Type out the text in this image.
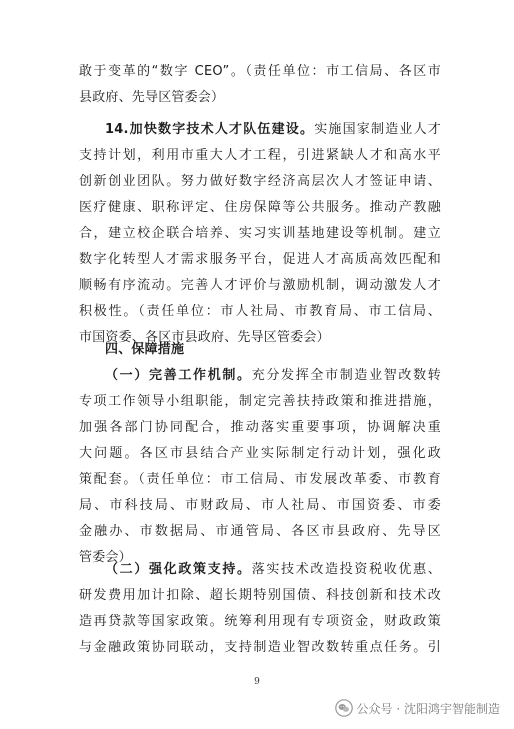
敢于变革的“数字 CEO”。（责任单位：市工信局、各区市
县政府、先导区管委会）
14.加快数字技术人才队伍建设。实施国家制造业人才
支持计划，利用市重大人才工程，引进紧缺人才和高水平
创新创业团队。努力做好数字经济高层次人才签证申请、
医疗健康、职称评定、住房保障等公共服务。推动产教融
合，建立校企联合培养、实习实训基地建设等机制。建立
数字化转型人才需求服务平台，促进人才高质高效匹配和
顺畅有序流动。完善人才评价与激励机制，调动激发人才
积极性。（责任单位：市人社局、市教育局、市工信局、
市国资委、各区市县政府、先导区管委会）
四、保障措施
（一）完善工作机制。充分发挥全市制造业智改数转
专项工作领导小组职能，制定完善扶持政策和推进措施，
加强各部门协同配合，推动落实重要事项，协调解决重
大问题。各区市县结合产业实际制定行动计划，强化政
策配套。（责任单位：市工信局、市发展改革委、市教育
局、市科技局、市财政局、市人社局、市国资委、市委
金融办、市数据局、市通管局、各区市县政府、先导区
管委会）
（二）强化政策支持。落实技术改造投资税收优惠、
研发费用加计扣除、超长期特别国债、科技创新和技术改
造再贷款等国家政策。统筹利用现有专项资金，财政政策
与金融政策协同联动，支持制造业智改数转重点任务。引
9
公众号 · 沈阳鸿宇智能制造
